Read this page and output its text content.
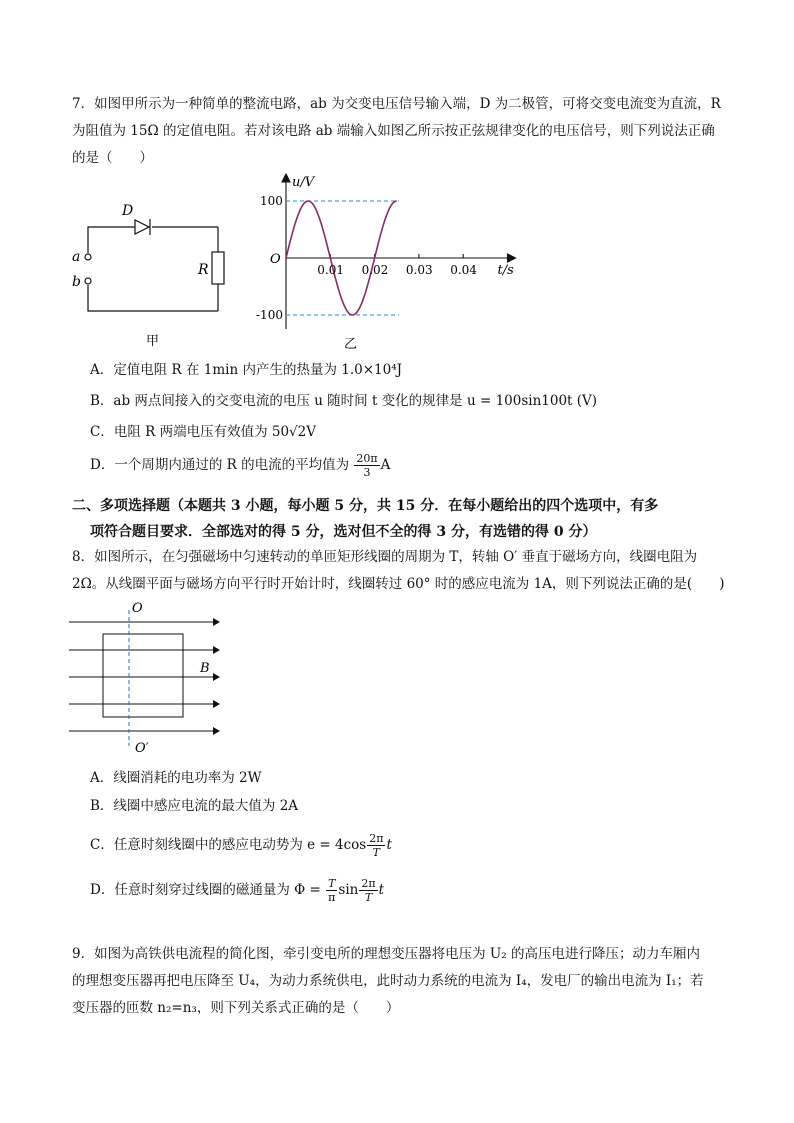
7．如图甲所示为一种简单的整流电路，ab 为交变电压信号输入端，D 为二极管，可将交变电流变为直流，R
为阻值为 15Ω 的定值电阻。若对该电路 ab 端输入如图乙所示按正弦规律变化的电压信号，则下列说法正确
的是（　　）
D
a
b
R
甲
0.01 0.02 0.03 0.04
100
-100
u/V
t/s
O
乙
A．定值电阻 R 在 1min 内产生的热量为 1.0×10⁴J
B．ab 两点间接入的交变电流的电压 u 随时间 t 变化的规律是 u = 100sin100t (V)
C．电阻 R 两端电压有效值为 50√2V
D．一个周期内通过的 R 的电流的平均值为 $\frac{20\pi}{3}$ A
二、多项选择题（本题共 3 小题，每小题 5 分，共 15 分．在每小题给出的四个选项中，有多
项符合题目要求．全部选对的得 5 分，选对但不全的得 3 分，有选错的得 0 分）
8．如图所示，在匀强磁场中匀速转动的单匝矩形线圈的周期为 T，转轴 O′ 垂直于磁场方向，线圈电阻为
2Ω。从线圈平面与磁场方向平行时开始计时，线圈转过 60° 时的感应电流为 1A，则下列说法正确的是(　　)
O
O′
B
A．线圈消耗的电功率为 2W
B．线圈中感应电流的最大值为 2A
C．任意时刻线圈中的感应电动势为 $e = 4\cos \frac{2\pi}{T}$ t
D．任意时刻穿过线圈的磁通量为 $\Phi = \frac{T}{\pi}$ $\sin \frac{2\pi}{T}$ t
9．如图为高铁供电流程的简化图，牵引变电所的理想变压器将电压为 U₂ 的高压电进行降压；动力车厢内
的理想变压器再把电压降至 U₄，为动力系统供电，此时动力系统的电流为 I₄，发电厂的输出电流为 I₁；若
变压器的匝数 n₂=n₃，则下列关系式正确的是（　　）
